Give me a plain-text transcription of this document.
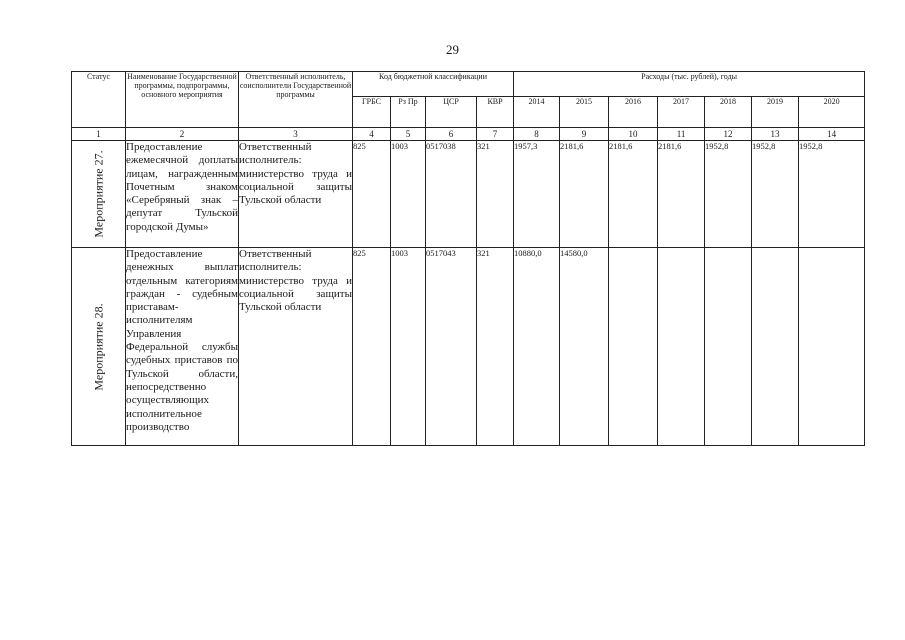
29
Статус	Наименование Государственной программы, подпрограммы, основного мероприятия	Ответственный исполнитель, соисполнители Государственной программы	Код бюджетной классификации				Расходы (тыс. рублей), годы						
			ГРБС	Рз Пр	ЦСР	КВР	2014	2015	2016	2017	2018	2019	2020
1	2	3	4	5	6	7	8	9	10	11	12	13	14

Мероприятие 27.	Предоставление ежемесячной доплаты лицам, награжденным Почетным знаком «Серебряный знак – депутат Тульской городской Думы»	Ответственный исполнитель: министерство труда и социальной защиты Тульской области	825	1003	0517038	321	1957,3	2181,6	2181,6	2181,6	1952,8	1952,8	1952,8

Мероприятие 28.	Предоставление денежных выплат отдельным категориям граждан - судебным приставам-исполнителям Управления Федеральной службы судебных приставов по Тульской области, непосредственно осуществляющих исполнительное производство	Ответственный исполнитель: министерство труда и социальной защиты Тульской области	825	1003	0517043	321	10880,0	14580,0					
